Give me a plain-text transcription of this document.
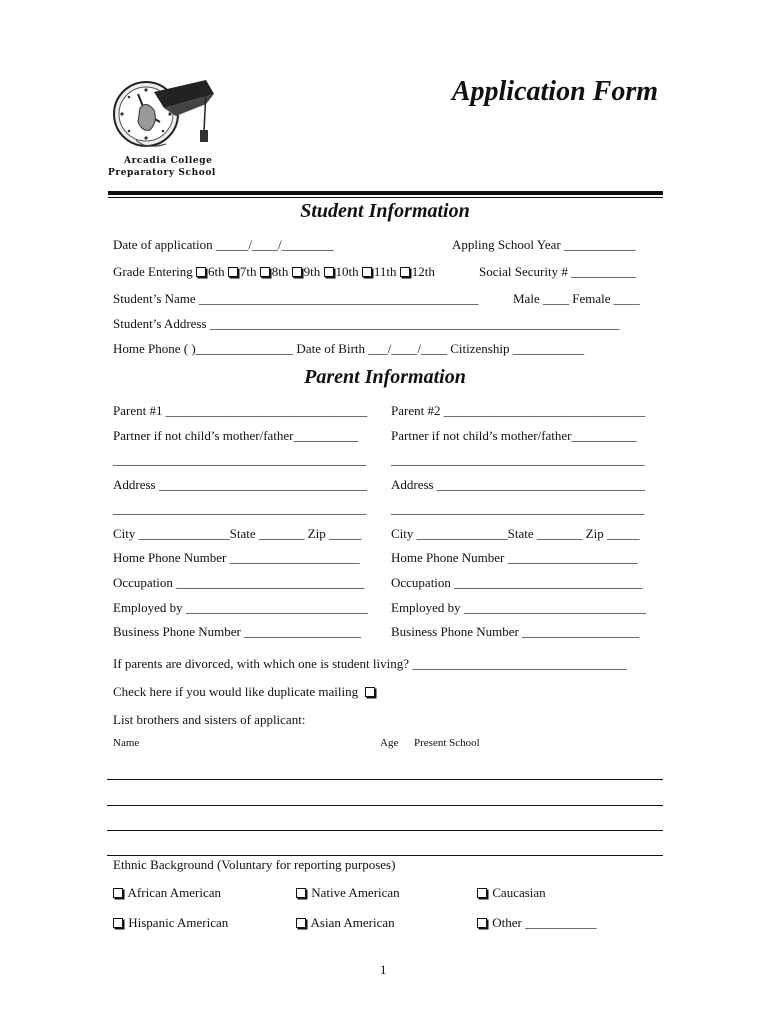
Arcadia College
Preparatory School
Application Form
Student Information
Date of application _____/____/________	Appling School Year ___________
Grade Entering 6th 7th 8th 9th 10th 11th 12th	Social Security # __________
Student’s Name ___________________________________________	Male ____ Female ____
Student’s Address _______________________________________________________________
Home Phone ( )_______________ Date of Birth ___/____/____ Citizenship ___________
Parent Information
Parent #1 _______________________________
Partner if not child’s mother/father__________
_______________________________________
Address ________________________________
_______________________________________
City ______________State _______ Zip _____
Home Phone Number ____________________
Occupation _____________________________
Employed by ____________________________
Business Phone Number __________________
Parent #2 _______________________________
Partner if not child’s mother/father__________
_______________________________________
Address ________________________________
_______________________________________
City ______________State _______ Zip _____
Home Phone Number ____________________
Occupation _____________________________
Employed by ____________________________
Business Phone Number __________________
If parents are divorced, with which one is student living? _________________________________
Check here if you would like duplicate mailing
List brothers and sisters of applicant:
Name	Age Present School
Ethnic Background (Voluntary for reporting purposes)
African American	Native American	Caucasian
Hispanic American	Asian American	Other ___________
1
